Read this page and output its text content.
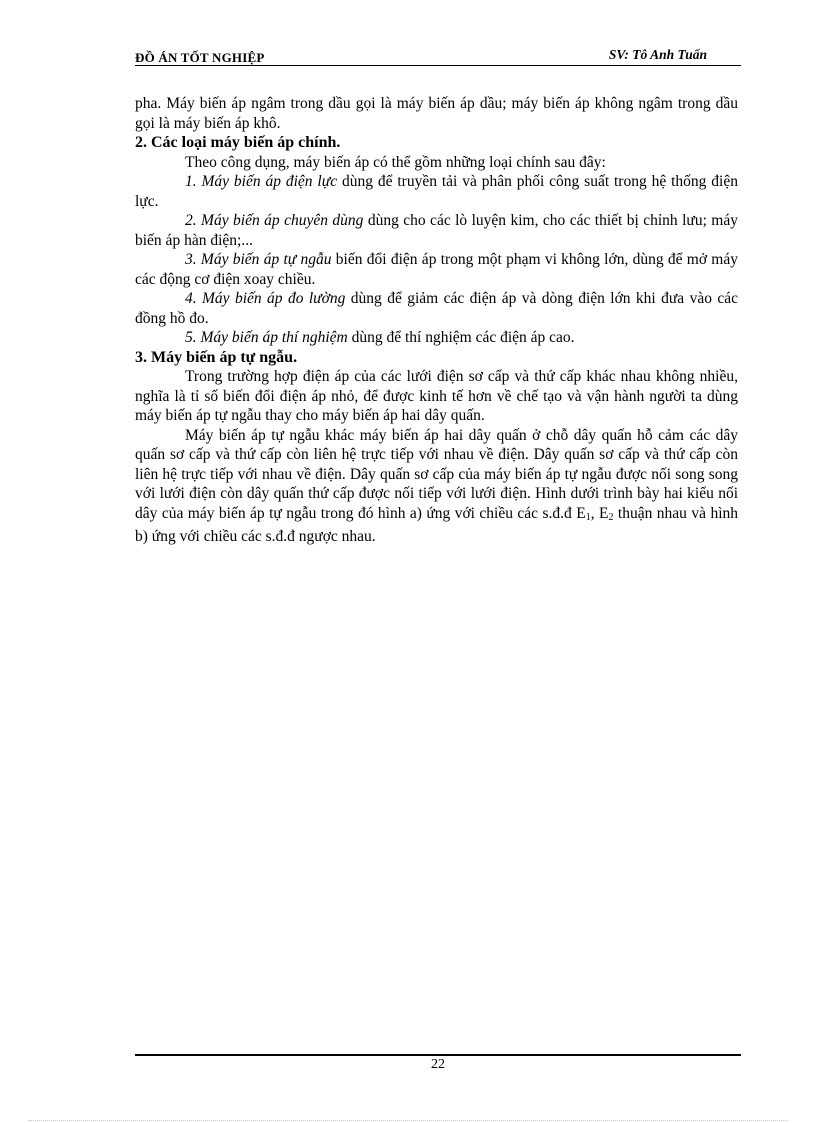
ĐỒ ÁN TỐT NGHIỆP	SV: Tô Anh Tuấn

pha. Máy biến áp ngâm trong dầu gọi là máy biến áp dầu; máy biến áp không ngâm trong dầu gọi là máy biến áp khô.

2. Các loại máy biến áp chính.

Theo công dụng, máy biến áp có thể gồm những loại chính sau đây:

1. Máy biến áp điện lực dùng để truyền tải và phân phối công suất trong hệ thống điện lực.

2. Máy biến áp chuyên dùng dùng cho các lò luyện kim, cho các thiết bị chỉnh lưu; máy biến áp hàn điện;...

3. Máy biến áp tự ngẫu biến đổi điện áp trong một phạm vi không lớn, dùng để mở máy các động cơ điện xoay chiều.

4. Máy biến áp đo lường dùng để giảm các điện áp và dòng điện lớn khi đưa vào các đồng hồ đo.

5. Máy biến áp thí nghiệm dùng để thí nghiệm các điện áp cao.

3. Máy biến áp tự ngẫu.

Trong trường hợp điện áp của các lưới điện sơ cấp và thứ cấp khác nhau không nhiều, nghĩa là tỉ số biến đổi điện áp nhỏ, để được kinh tế hơn về chế tạo và vận hành người ta dùng máy biến áp tự ngẫu thay cho máy biến áp hai dây quấn.

Máy biến áp tự ngẫu khác máy biến áp hai dây quấn ở chỗ dây quấn hỗ cảm các dây quấn sơ cấp và thứ cấp còn liên hệ trực tiếp với nhau về điện. Dây quấn sơ cấp và thứ cấp còn liên hệ trực tiếp với nhau về điện. Dây quấn sơ cấp của máy biến áp tự ngẫu được nối song song với lưới điện còn dây quấn thứ cấp được nối tiếp với lưới điện. Hình dưới trình bày hai kiểu nối dây của máy biến áp tự ngẫu trong đó hình a) ứng với chiều các s.đ.đ $E_1$, $E_2$ thuận nhau và hình b) ứng với chiều các s.đ.đ ngược nhau.

22
